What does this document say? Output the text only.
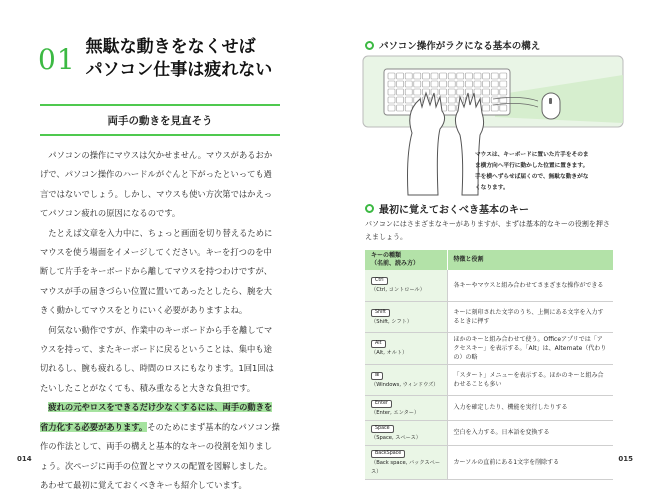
01 無駄な動きをなくせば
パソコン仕事は疲れない
両手の動きを見直そう

パソコンの操作にマウスは欠かせません。マウスがあるおかげで、パソコン操作のハードルがぐんと下がったといっても過言ではないでしょう。しかし、マウスも使い方次第ではかえってパソコン疲れの原因になるのです。

たとえば文章を入力中に、ちょっと画面を切り替えるためにマウスを使う場面をイメージしてください。キーを打つのを中断して片手をキーボードから離してマウスを持つわけですが、マウスが手の届きづらい位置に置いてあったとしたら、腕を大きく動かしてマウスをとりにいく必要がありますよね。

何気ない動作ですが、作業中のキーボードから手を離してマウスを持って、またキーボードに戻るということは、集中も途切れるし、腕も疲れるし、時間のロスにもなります。1回1回はたいしたことがなくても、積み重なると大きな負担です。

疲れの元やロスをできるだけ少なくするには、両手の動きを省力化する必要があります。そのためにまず基本的なパソコン操作の作法として、両手の構えと基本的なキーの役割を知りましょう。次ページに両手の位置とマウスの配置を図解しました。あわせて最初に覚えておくべきキーも紹介しています。

014
パソコン操作がラクになる基本の構え
マウスは、キーボードに置いた片手をそのまま横方向へ平行に動かした位置に置きます。手を横へずらせば届くので、無駄な動きがなくなります。
最初に覚えておくべき基本のキー
パソコンにはさまざまなキーがありますが、まずは基本的なキーの役割を押さえましょう。
キーの種類
（名前、読み方）	特徴と役割
Ctrl
（Ctrl, コントロール）	各キーやマウスと組み合わせてさまざまな操作ができる
Shift
（Shift, シフト）	キーに刻印された文字のうち、上側にある文字を入力するときに押す
Alt
（Alt, オルト）	ほかのキーと組み合わせて使う。Officeアプリでは「アクセスキー」を表示する。「Alt」は、Alternate（代わりの）の略
⊞
（Windows, ウィンドウズ）	「スタート」メニューを表示する。ほかのキーと組み合わせることも多い
Enter
（Enter, エンター）	入力を確定したり、機能を実行したりする
Space
（Space, スペース）	空白を入力する。日本語を変換する
BackSpace
（Back space, バックスペース）	カーソルの直前にある1文字を削除する	015
